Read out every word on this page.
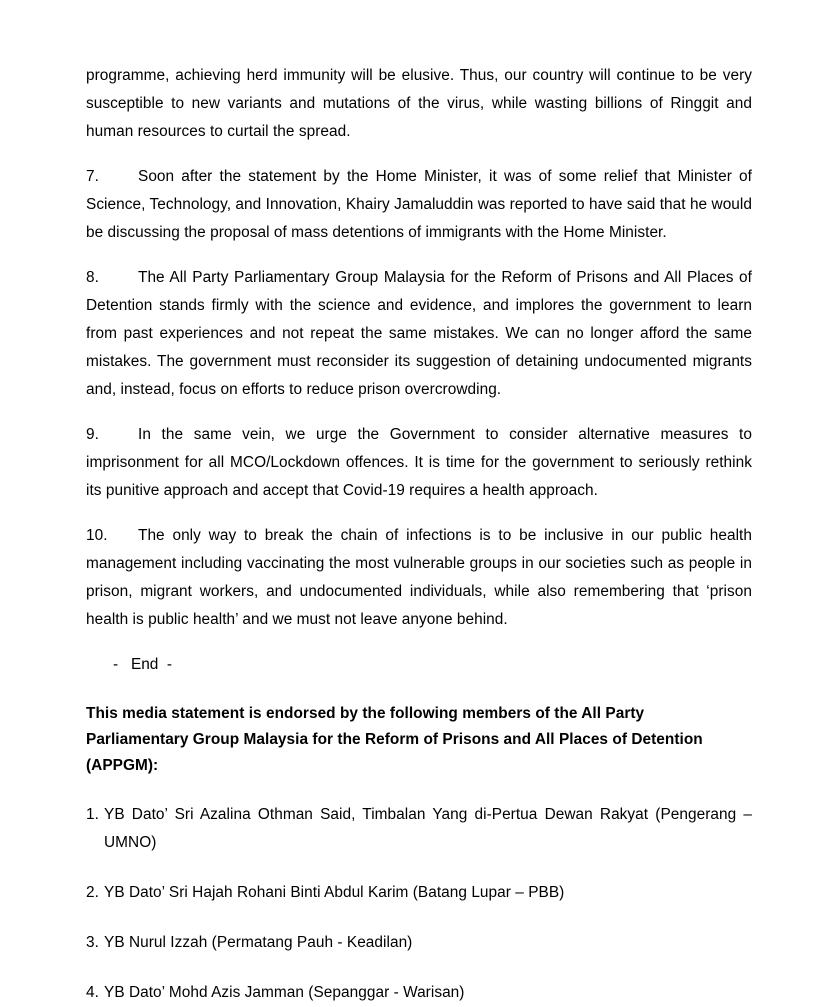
programme, achieving herd immunity will be elusive. Thus, our country will continue to be very susceptible to new variants and mutations of the virus, while wasting billions of Ringgit and human resources to curtail the spread.

7.	Soon after the statement by the Home Minister, it was of some relief that Minister of Science, Technology, and Innovation, Khairy Jamaluddin was reported to have said that he would be discussing the proposal of mass detentions of immigrants with the Home Minister.

8.	The All Party Parliamentary Group Malaysia for the Reform of Prisons and All Places of Detention stands firmly with the science and evidence, and implores the government to learn from past experiences and not repeat the same mistakes. We can no longer afford the same mistakes. The government must reconsider its suggestion of detaining undocumented migrants and, instead, focus on efforts to reduce prison overcrowding.

9.	In the same vein, we urge the Government to consider alternative measures to imprisonment for all MCO/Lockdown offences. It is time for the government to seriously rethink its punitive approach and accept that Covid-19 requires a health approach.

10. The only way to break the chain of infections is to be inclusive in our public health management including vaccinating the most vulnerable groups in our societies such as people in prison, migrant workers, and undocumented individuals, while also remembering that ‘prison health is public health’ and we must not leave anyone behind.

-   End  -

This media statement is endorsed by the following members of the All Party Parliamentary Group Malaysia for the Reform of Prisons and All Places of Detention (APPGM):

1. YB Dato’ Sri Azalina Othman Said, Timbalan Yang di-Pertua Dewan Rakyat (Pengerang – UMNO)
2. YB Dato’ Sri Hajah Rohani Binti Abdul Karim (Batang Lupar – PBB)
3. YB Nurul Izzah (Permatang Pauh - Keadilan)
4. YB Dato’ Mohd Azis Jamman (Sepanggar - Warisan)
